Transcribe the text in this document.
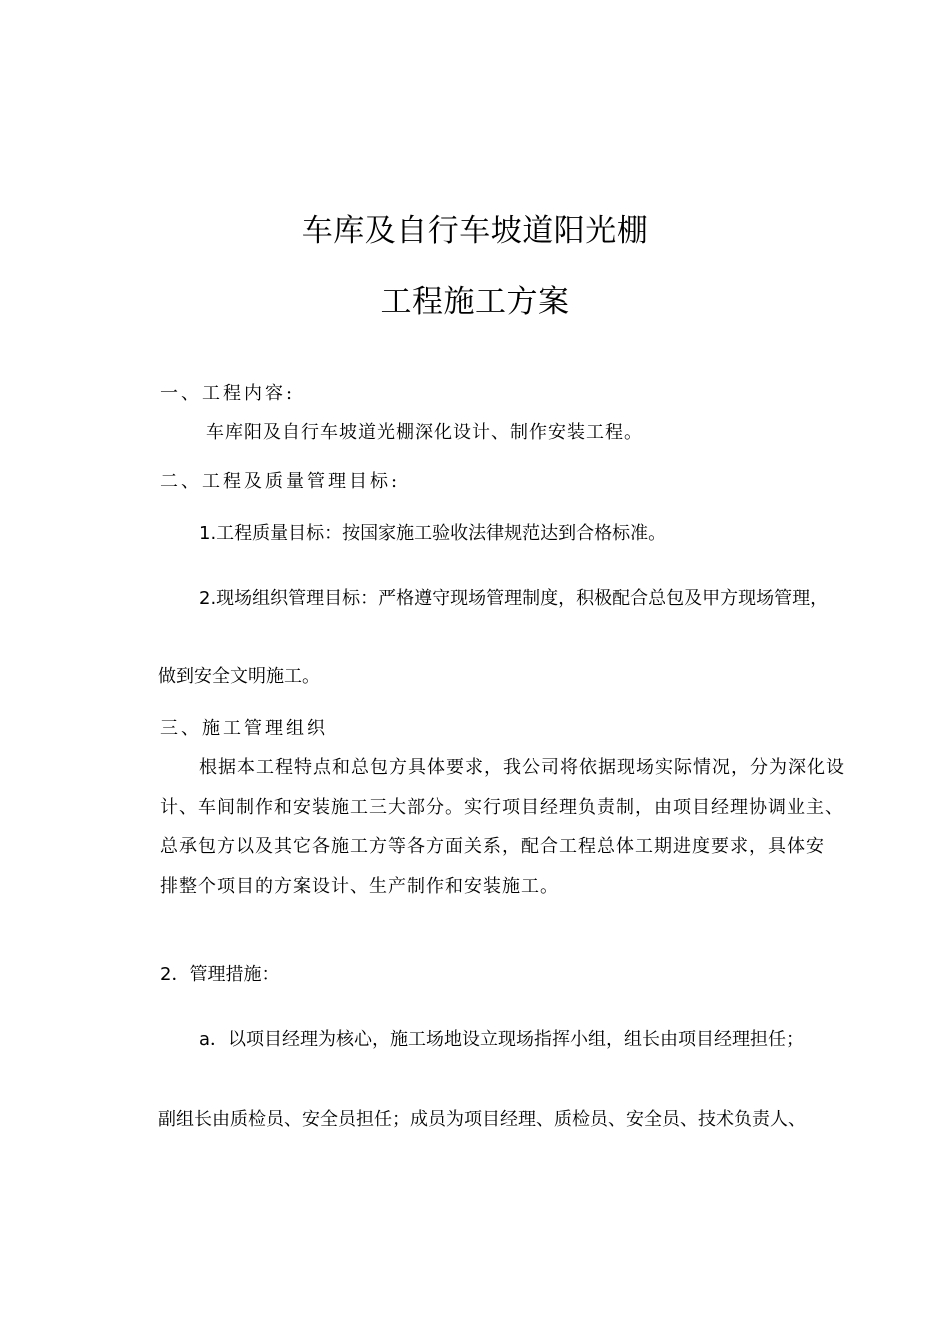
车库及自行车坡道阳光棚
工程施工方案
一、工程内容:
车库阳及自行车坡道光棚深化设计、制作安装工程。
二、工程及质量管理目标:
1.工程质量目标：按国家施工验收法律规范达到合格标准。
2.现场组织管理目标：严格遵守现场管理制度，积极配合总包及甲方现场管理，
做到安全文明施工。
三、施工管理组织
根据本工程特点和总包方具体要求，我公司将依据现场实际情况，分为深化设
计、车间制作和安装施工三大部分。实行项目经理负责制，由项目经理协调业主、
总承包方以及其它各施工方等各方面关系，配合工程总体工期进度要求，具体安
排整个项目的方案设计、生产制作和安装施工。
2．管理措施：
a．以项目经理为核心，施工场地设立现场指挥小组，组长由项目经理担任；
副组长由质检员、安全员担任；成员为项目经理、质检员、安全员、技术负责人、
